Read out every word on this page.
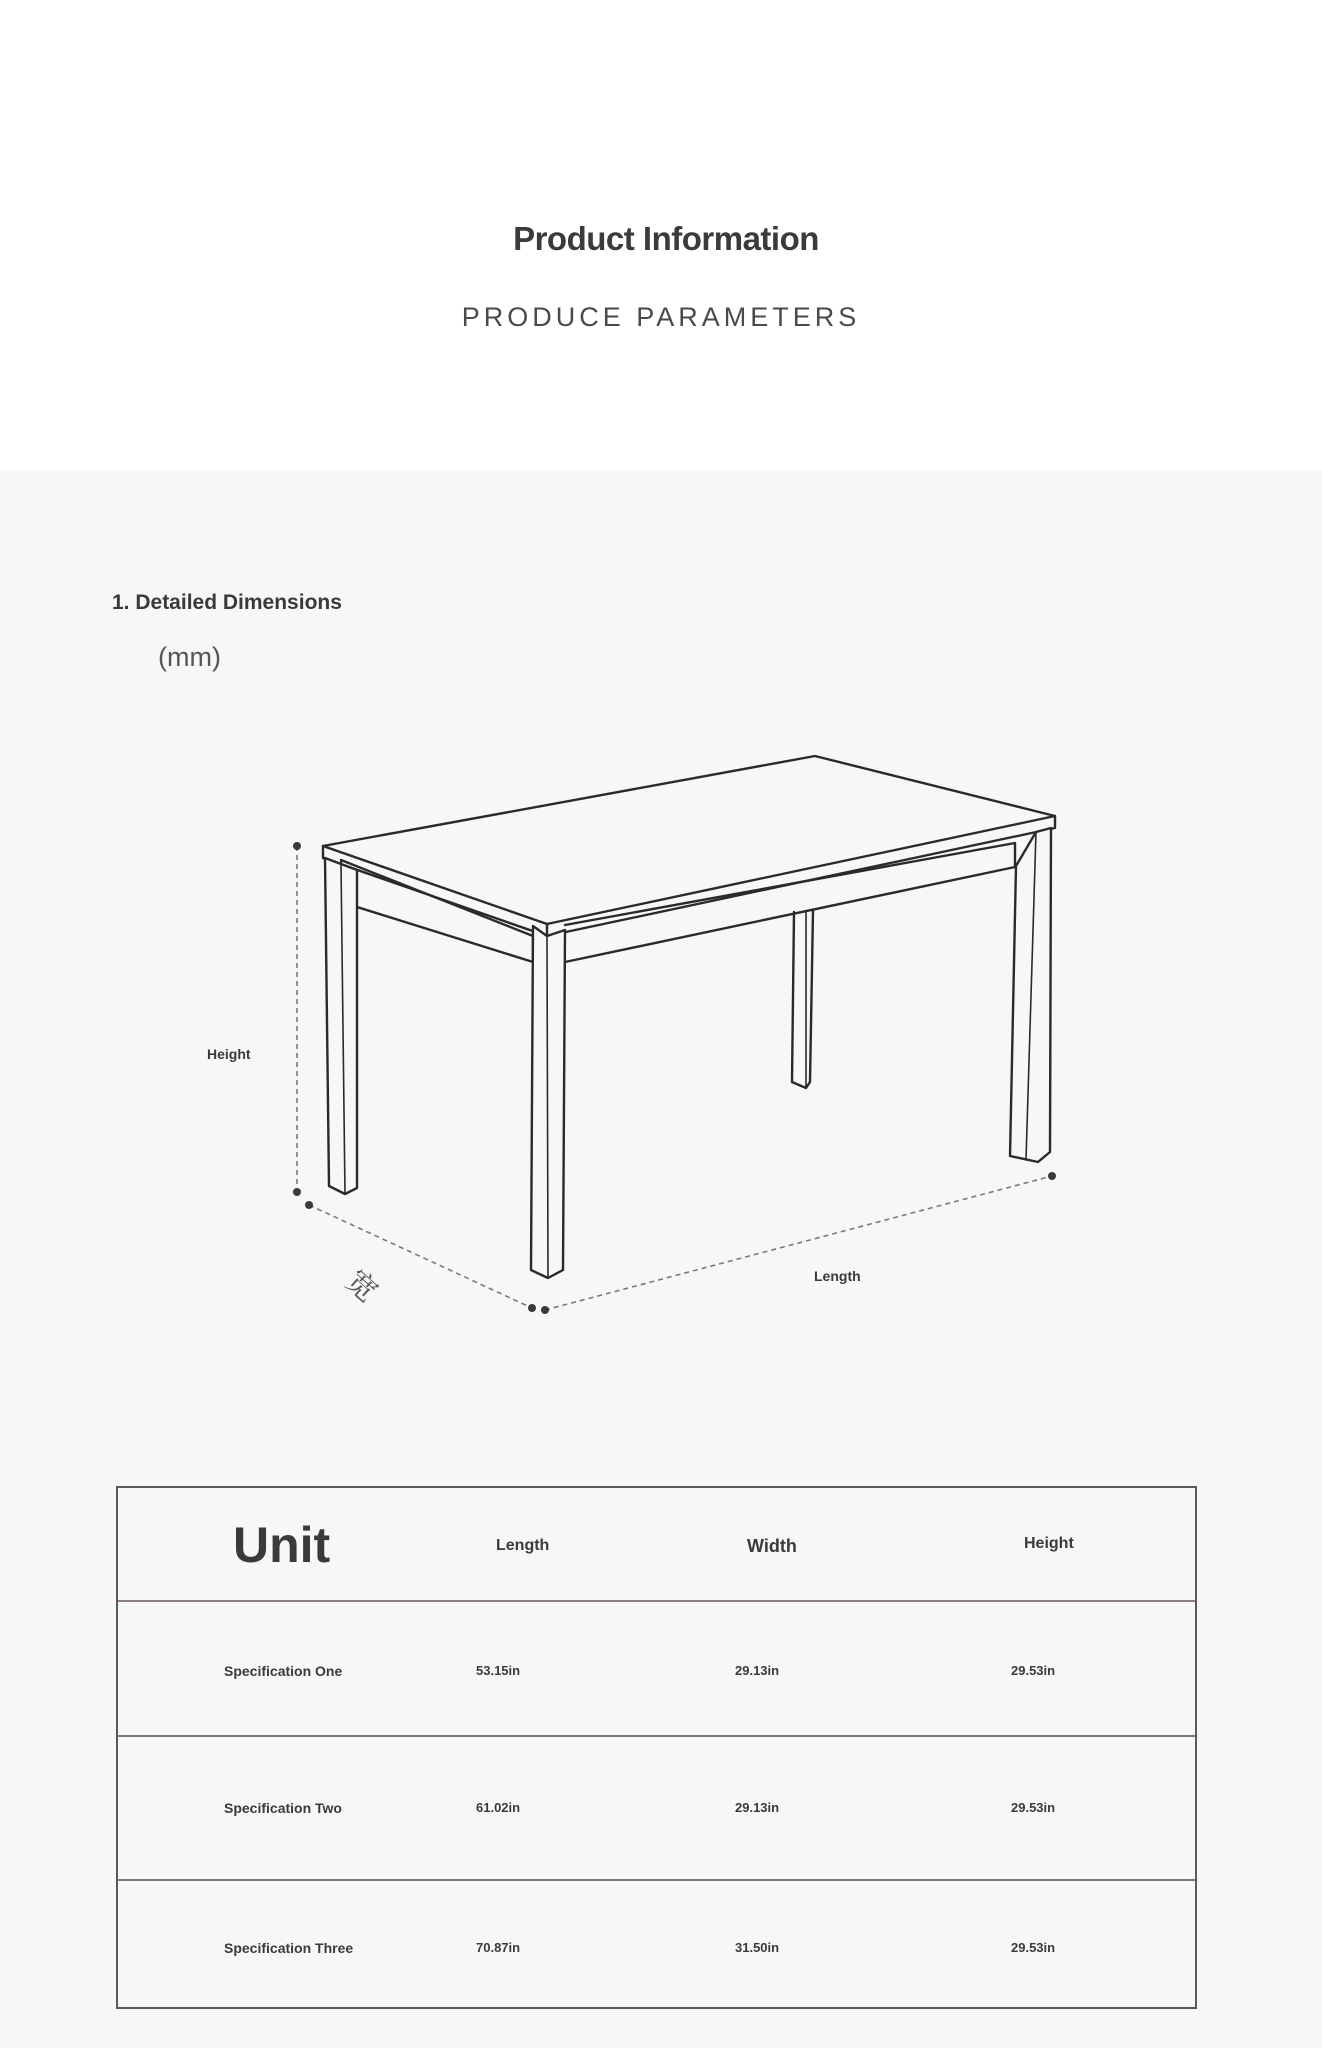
Product Information
PRODUCE PARAMETERS
1. Detailed Dimensions
(mm)
Height
Length
宽
Unit	Length	Width	Height
Specification One	53.15in	29.13in	29.53in
Specification Two	61.02in	29.13in	29.53in
Specification Three	70.87in	31.50in	29.53in
